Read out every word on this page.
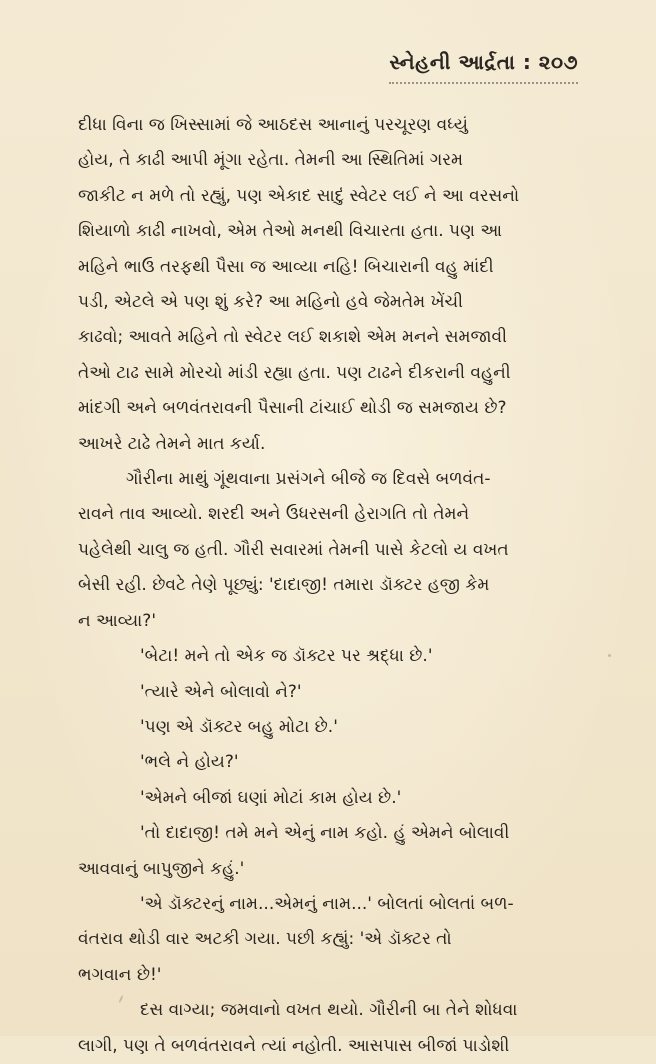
સ્નેહની આર્દ્રતા : ૨૦૭

દીધા વિના જ ખિસ્સામાં જે આઠદસ આનાનું પરચૂરણ વધ્યું
હોય, તે કાઢી આપી મૂંગા રહેતા. તેમની આ સ્થિતિમાં ગરમ
જાકીટ ન મળે તો રહ્યું, પણ એકાદ સાદું સ્વેટર લઈ ને આ વરસનો
શિયાળો કાઢી નાખવો, એમ તેઓ મનથી વિચારતા હતા. પણ આ
મહિને ભાઉ તરફથી પૈસા જ આવ્યા નહિ! બિચારાની વહુ માંદી
પડી, એટલે એ પણ શું કરે? આ મહિનો હવે જેમતેમ ખેંચી
કાઢવો; આવતે મહિને તો સ્વેટર લઈ શકાશે એમ મનને સમજાવી
તેઓ ટાઢ સામે મોરચો માંડી રહ્યા હતા. પણ ટાઢને દીકરાની વહુની
માંદગી અને બળવંતરાવની પૈસાની ટાંચાઈ થોડી જ સમજાય છે?
આખરે ટાઢે તેમને માત કર્યા.

ગૌરીના માથું ગૂંથવાના પ્રસંગને બીજે જ દિવસે બળવંત-
રાવને તાવ આવ્યો. શરદી અને ઉધરસની હેરાગતિ તો તેમને
પહેલેથી ચાલુ જ હતી. ગૌરી સવારમાં તેમની પાસે કેટલો ય વખત
બેસી રહી. છેવટે તેણે પૂછ્યું: 'દાદાજી! તમારા ડૉક્ટર હજી કેમ
ન આવ્યા?'

'બેટા! મને તો એક જ ડૉક્ટર પર શ્રદ્ધા છે.'

'ત્યારે એને બોલાવો ને?'

'પણ એ ડૉક્ટર બહુ મોટા છે.'

'ભલે ને હોય?'

'એમને બીજાં ઘણાં મોટાં કામ હોય છે.'

'તો દાદાજી! તમે મને એનું નામ કહો. હું એમને બોલાવી
આવવાનું બાપુજીને કહું.'

'એ ડૉક્ટરનું નામ...એમનું નામ...' બોલતાં બોલતાં બળ-
વંતરાવ થોડી વાર અટકી ગયા. પછી કહ્યું: 'એ ડૉક્ટર તો
ભગવાન છે!'

દસ વાગ્યા; જમવાનો વખત થયો. ગૌરીની બા તેને શોધવા
લાગી, પણ તે બળવંતરાવને ત્યાં નહોતી. આસપાસ બીજાં પાડોશી
